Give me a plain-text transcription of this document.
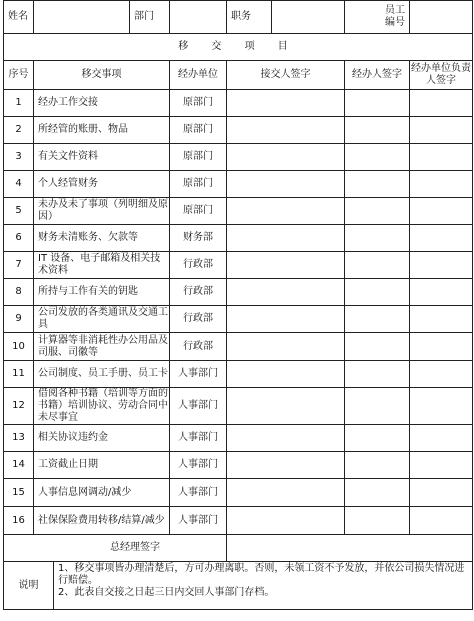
姓名			部门		职务		员工编号	
移 交 项 目								
序号	移交事项			经办单位	接交人签字		经办人签字	经办单位负责人签字
1	经办工作交接			原部门				
2	所经管的账册、物品			原部门				
3	有关文件资料			原部门				
4	个人经管财务			原部门				
5	未办及未了事项（列明细及原因）			原部门				
6	财务未清账务、欠款等			财务部				
7	IT 设备、电子邮箱及相关技术资料			行政部				
8	所持与工作有关的钥匙			行政部				
9	公司发放的各类通讯及交通工具			行政部				
10	计算器等非消耗性办公用品及司服、司徽等			行政部				
11	公司制度、员工手册、员工卡			人事部门				
12	借阅各种书籍（培训等方面的书籍）培训协议、劳动合同中未尽事宜			人事部门				
13	相关协议违约金			人事部门				
14	工资截止日期			人事部门				
15	人事信息网调动/减少			人事部门				
16	社保保险费用转移/结算/减少			人事部门				
总经理签字								
说明		1、移交事项皆办理清楚后，方可办理离职。否则，未领工资不予发放，并依公司损失情况进行赔偿。
2、此表自交接之日起三日内交回人事部门存档。						
